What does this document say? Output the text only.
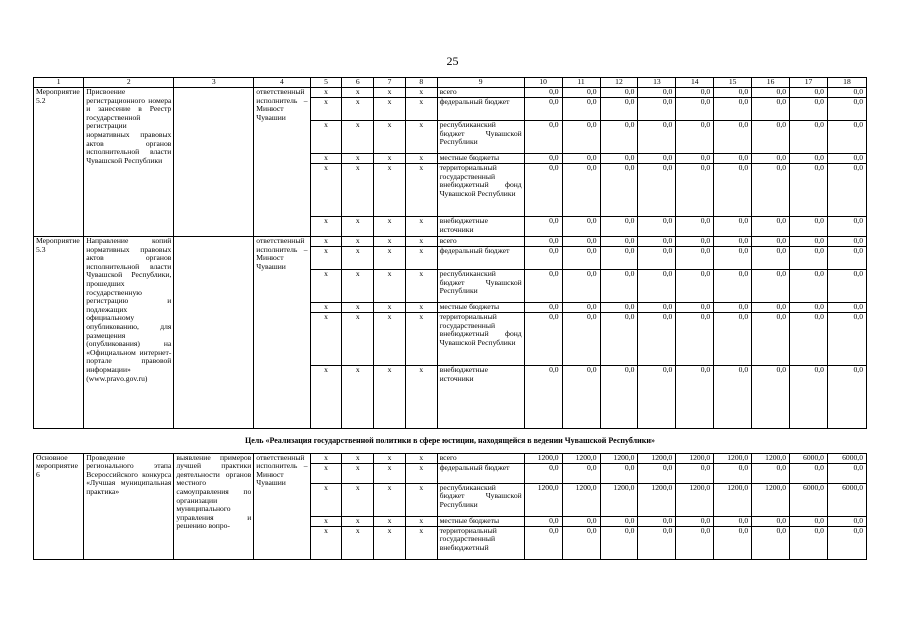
25
1	2	3	4	5	6	7	8	9	10	11	12	13	14	15	16	17	18
Мероприятие 5.2	Присвоение регистрационного номера и занесение в Реестр государственной регистрации нормативных правовых актов органов исполнительной власти Чувашской Республики		ответственный исполнитель – Минюст Чувашии	x	x	x	x	всего	0,0	0,0	0,0	0,0	0,0	0,0	0,0	0,0	0,0
				x	x	x	x	федеральный бюджет	0,0	0,0	0,0	0,0	0,0	0,0	0,0	0,0	0,0
				x	x	x	x	республиканский бюджет Чувашской Республики	0,0	0,0	0,0	0,0	0,0	0,0	0,0	0,0	0,0
				x	x	x	x	местные бюджеты	0,0	0,0	0,0	0,0	0,0	0,0	0,0	0,0	0,0
				x	x	x	x	территориальный государственный внебюджетный фонд Чувашской Республики	0,0	0,0	0,0	0,0	0,0	0,0	0,0	0,0	0,0
				x	x	x	x	внебюджетные источники	0,0	0,0	0,0	0,0	0,0	0,0	0,0	0,0	0,0
Мероприятие 5.3	Направление копий нормативных правовых актов органов исполнительной власти Чувашской Республики, прошедших государственную регистрацию и подлежащих официальному опубликованию, для размещения (опубликования) на «Официальном интернет-портале правовой информации» (www.pravo.gov.ru)		ответственный исполнитель – Минюст Чувашии	x	x	x	x	всего	0,0	0,0	0,0	0,0	0,0	0,0	0,0	0,0	0,0
				x	x	x	x	федеральный бюджет	0,0	0,0	0,0	0,0	0,0	0,0	0,0	0,0	0,0
				x	x	x	x	республиканский бюджет Чувашской Республики	0,0	0,0	0,0	0,0	0,0	0,0	0,0	0,0	0,0
				x	x	x	x	местные бюджеты	0,0	0,0	0,0	0,0	0,0	0,0	0,0	0,0	0,0
				x	x	x	x	территориальный государственный внебюджетный фонд Чувашской Республики	0,0	0,0	0,0	0,0	0,0	0,0	0,0	0,0	0,0
				x	x	x	x	внебюджетные источники	0,0	0,0	0,0	0,0	0,0	0,0	0,0	0,0	0,0
Цель «Реализация государственной политики в сфере юстиции, находящейся в ведении Чувашской Республики»																	
Основное мероприятие 6	Проведение регионального этапа Всероссийского конкурса «Лучшая муниципальная практика»	выявление примеров лучшей практики деятельности органов местного самоуправления по организации муниципального управления и решению вопро-	ответственный исполнитель – Минюст Чувашии	x	x	x	x	всего	1200,0	1200,0	1200,0	1200,0	1200,0	1200,0	1200,0	6000,0	6000,0
				x	x	x	x	федеральный бюджет	0,0	0,0	0,0	0,0	0,0	0,0	0,0	0,0	0,0
				x	x	x	x	республиканский бюджет Чувашской Республики	1200,0	1200,0	1200,0	1200,0	1200,0	1200,0	1200,0	6000,0	6000,0
				x	x	x	x	местные бюджеты	0,0	0,0	0,0	0,0	0,0	0,0	0,0	0,0	0,0
				x	x	x	x	территориальный государственный внебюджетный	0,0	0,0	0,0	0,0	0,0	0,0	0,0	0,0	0,0
